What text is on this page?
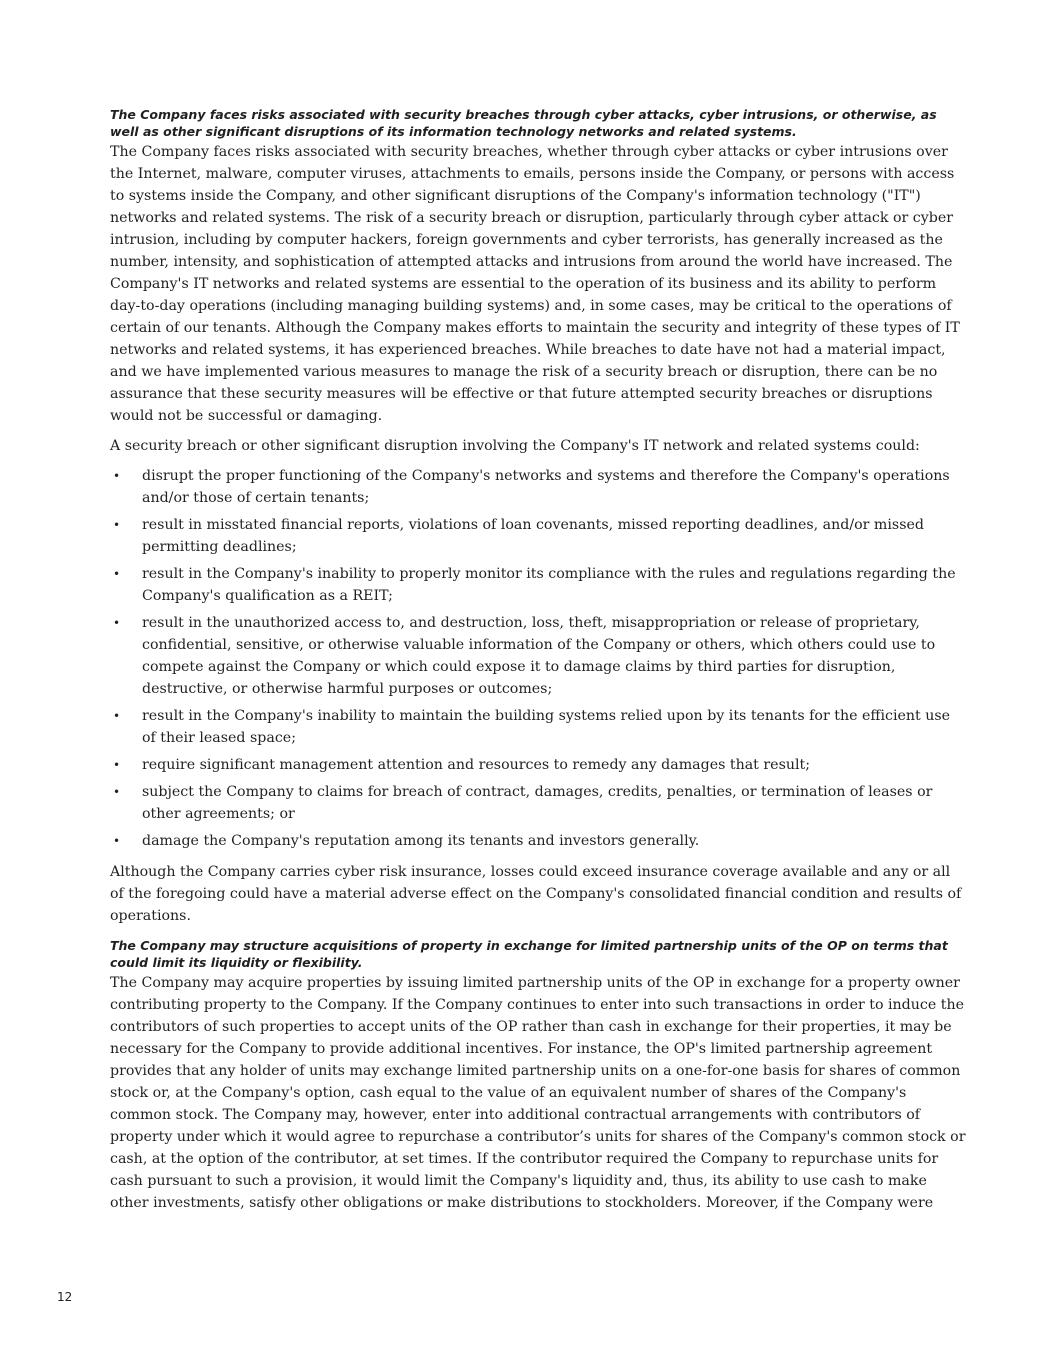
The Company faces risks associated with security breaches through cyber attacks, cyber intrusions, or otherwise, as well as other significant disruptions of its information technology networks and related systems.

The Company faces risks associated with security breaches, whether through cyber attacks or cyber intrusions over the Internet, malware, computer viruses, attachments to emails, persons inside the Company, or persons with access to systems inside the Company, and other significant disruptions of the Company's information technology ("IT") networks and related systems. The risk of a security breach or disruption, particularly through cyber attack or cyber intrusion, including by computer hackers, foreign governments and cyber terrorists, has generally increased as the number, intensity, and sophistication of attempted attacks and intrusions from around the world have increased. The Company's IT networks and related systems are essential to the operation of its business and its ability to perform day-to-day operations (including managing building systems) and, in some cases, may be critical to the operations of certain of our tenants. Although the Company makes efforts to maintain the security and integrity of these types of IT networks and related systems, it has experienced breaches. While breaches to date have not had a material impact, and we have implemented various measures to manage the risk of a security breach or disruption, there can be no assurance that these security measures will be effective or that future attempted security breaches or disruptions would not be successful or damaging.

A security breach or other significant disruption involving the Company's IT network and related systems could:

• disrupt the proper functioning of the Company's networks and systems and therefore the Company's operations and/or those of certain tenants;
• result in misstated financial reports, violations of loan covenants, missed reporting deadlines, and/or missed permitting deadlines;
• result in the Company's inability to properly monitor its compliance with the rules and regulations regarding the Company's qualification as a REIT;
• result in the unauthorized access to, and destruction, loss, theft, misappropriation or release of proprietary, confidential, sensitive, or otherwise valuable information of the Company or others, which others could use to compete against the Company or which could expose it to damage claims by third parties for disruption, destructive, or otherwise harmful purposes or outcomes;
• result in the Company's inability to maintain the building systems relied upon by its tenants for the efficient use of their leased space;
• require significant management attention and resources to remedy any damages that result;
• subject the Company to claims for breach of contract, damages, credits, penalties, or termination of leases or other agreements; or
• damage the Company's reputation among its tenants and investors generally.

Although the Company carries cyber risk insurance, losses could exceed insurance coverage available and any or all of the foregoing could have a material adverse effect on the Company's consolidated financial condition and results of operations.

The Company may structure acquisitions of property in exchange for limited partnership units of the OP on terms that could limit its liquidity or flexibility.

The Company may acquire properties by issuing limited partnership units of the OP in exchange for a property owner contributing property to the Company. If the Company continues to enter into such transactions in order to induce the contributors of such properties to accept units of the OP rather than cash in exchange for their properties, it may be necessary for the Company to provide additional incentives. For instance, the OP's limited partnership agreement provides that any holder of units may exchange limited partnership units on a one-for-one basis for shares of common stock or, at the Company's option, cash equal to the value of an equivalent number of shares of the Company's common stock. The Company may, however, enter into additional contractual arrangements with contributors of property under which it would agree to repurchase a contributor’s units for shares of the Company's common stock or cash, at the option of the contributor, at set times. If the contributor required the Company to repurchase units for cash pursuant to such a provision, it would limit the Company's liquidity and, thus, its ability to use cash to make other investments, satisfy other obligations or make distributions to stockholders. Moreover, if the Company were

12
